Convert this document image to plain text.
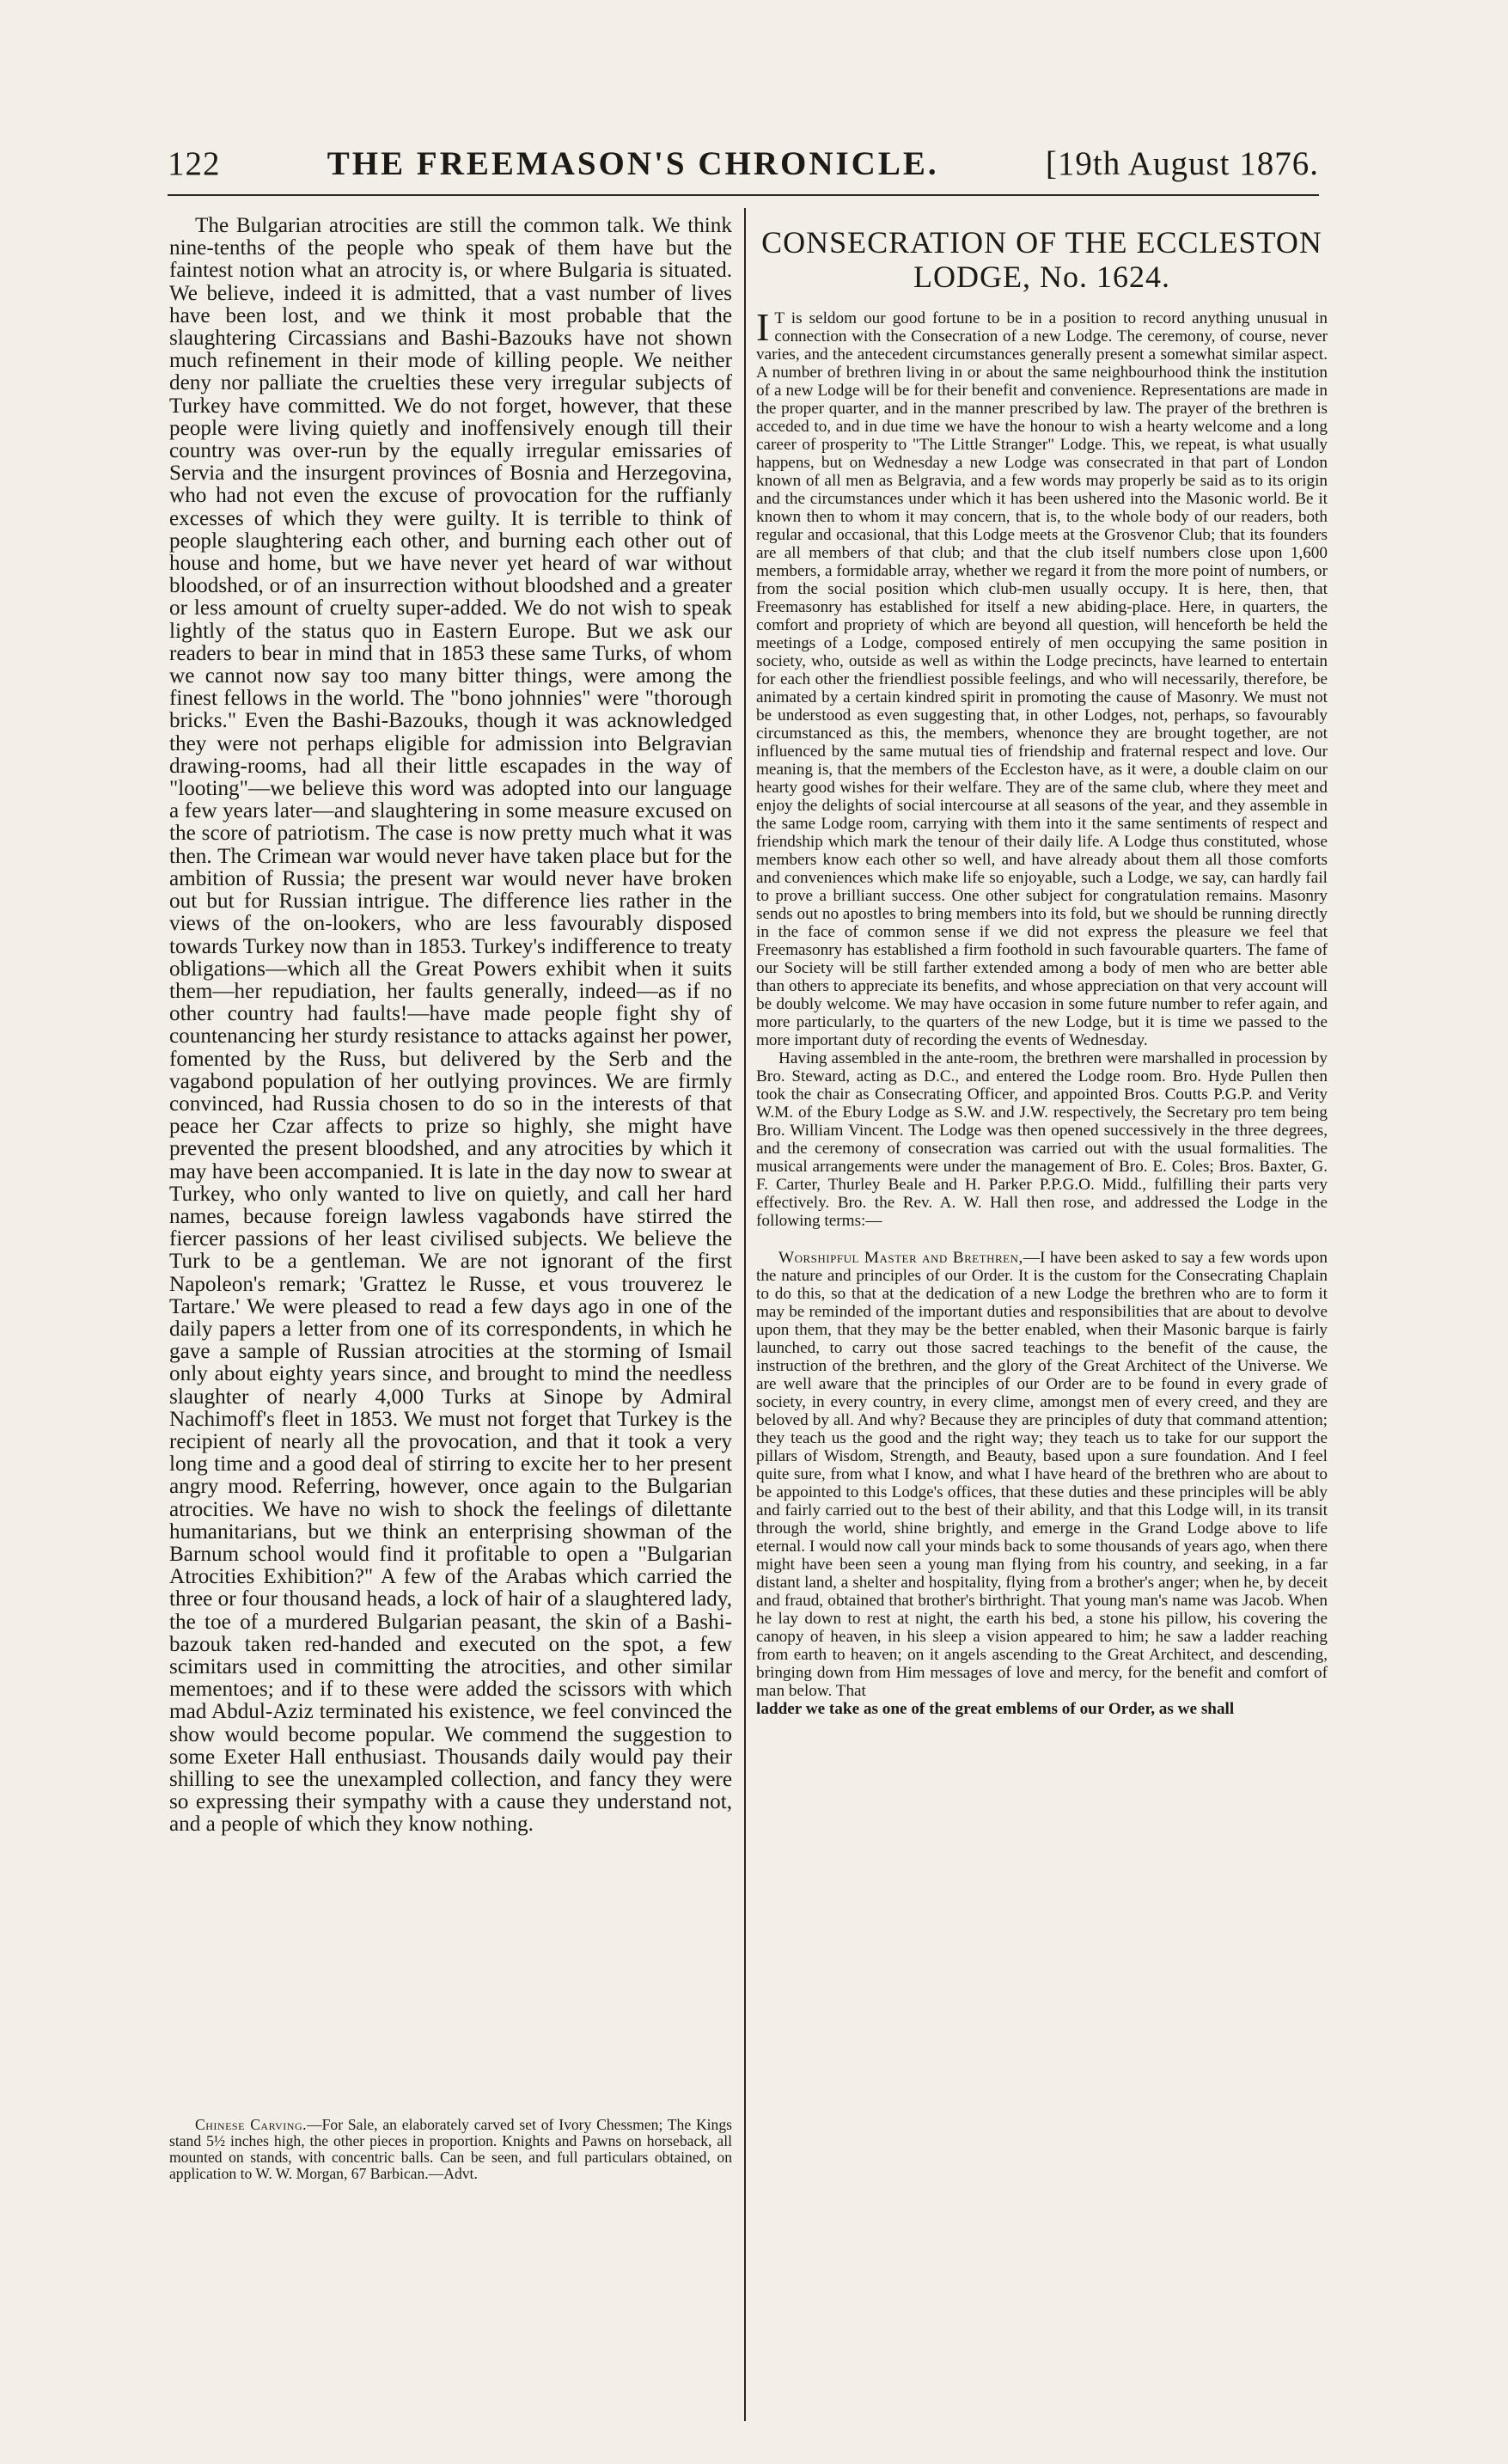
122	THE FREEMASON'S CHRONICLE.	[19th August 1876.

The Bulgarian atrocities are still the common talk. We think nine-tenths of the people who speak of them have but the faintest notion what an atrocity is, or where Bulgaria is situated. We believe, indeed it is admitted, that a vast number of lives have been lost, and we think it most probable that the slaughtering Circassians and Bashi-Bazouks have not shown much refinement in their mode of killing people. We neither deny nor palliate the cruelties these very irregular subjects of Turkey have committed. We do not forget, however, that these people were living quietly and inoffensively enough till their country was over-run by the equally irregular emissaries of Servia and the insurgent provinces of Bosnia and Herzegovina, who had not even the excuse of provocation for the ruffianly excesses of which they were guilty. It is terrible to think of people slaughtering each other, and burning each other out of house and home, but we have never yet heard of war without bloodshed, or of an insurrection without bloodshed and a greater or less amount of cruelty super-added. We do not wish to speak lightly of the status quo in Eastern Europe. But we ask our readers to bear in mind that in 1853 these same Turks, of whom we cannot now say too many bitter things, were among the finest fellows in the world. The "bono johnnies" were "thorough bricks." Even the Bashi-Bazouks, though it was acknowledged they were not perhaps eligible for admission into Belgravian drawing-rooms, had all their little escapades in the way of "looting"—we believe this word was adopted into our language a few years later—and slaughtering in some measure excused on the score of patriotism. The case is now pretty much what it was then. The Crimean war would never have taken place but for the ambition of Russia; the present war would never have broken out but for Russian intrigue. The difference lies rather in the views of the on-lookers, who are less favourably disposed towards Turkey now than in 1853. Turkey's indifference to treaty obligations—which all the Great Powers exhibit when it suits them—her repudiation, her faults generally, indeed—as if no other country had faults!—have made people fight shy of countenancing her sturdy resistance to attacks against her power, fomented by the Russ, but delivered by the Serb and the vagabond population of her outlying provinces. We are firmly convinced, had Russia chosen to do so in the interests of that peace her Czar affects to prize so highly, she might have prevented the present bloodshed, and any atrocities by which it may have been accompanied. It is late in the day now to swear at Turkey, who only wanted to live on quietly, and call her hard names, because foreign lawless vagabonds have stirred the fiercer passions of her least civilised subjects. We believe the Turk to be a gentleman. We are not ignorant of the first Napoleon's remark; 'Grattez le Russe, et vous trouverez le Tartare.' We were pleased to read a few days ago in one of the daily papers a letter from one of its correspondents, in which he gave a sample of Russian atrocities at the storming of Ismail only about eighty years since, and brought to mind the needless slaughter of nearly 4,000 Turks at Sinope by Admiral Nachimoff's fleet in 1853. We must not forget that Turkey is the recipient of nearly all the provocation, and that it took a very long time and a good deal of stirring to excite her to her present angry mood. Referring, however, once again to the Bulgarian atrocities. We have no wish to shock the feelings of dilettante humanitarians, but we think an enterprising showman of the Barnum school would find it profitable to open a "Bulgarian Atrocities Exhibition?" A few of the Arabas which carried the three or four thousand heads, a lock of hair of a slaughtered lady, the toe of a murdered Bulgarian peasant, the skin of a Bashi-bazouk taken red-handed and executed on the spot, a few scimitars used in committing the atrocities, and other similar mementoes; and if to these were added the scissors with which mad Abdul-Aziz terminated his existence, we feel convinced the show would become popular. We commend the suggestion to some Exeter Hall enthusiast. Thousands daily would pay their shilling to see the unexampled collection, and fancy they were so expressing their sympathy with a cause they understand not, and a people of which they know nothing.

Chinese Carving.—For Sale, an elaborately carved set of Ivory Chessmen; The Kings stand 5½ inches high, the other pieces in proportion. Knights and Pawns on horseback, all mounted on stands, with concentric balls. Can be seen, and full particulars obtained, on application to W. W. Morgan, 67 Barbican.—Advt.

CONSECRATION OF THE ECCLESTON LODGE, No. 1624.

I T is seldom our good fortune to be in a position to record anything unusual in connection with the Consecration of a new Lodge. The ceremony, of course, never varies, and the antecedent circumstances generally present a somewhat similar aspect. A number of brethren living in or about the same neighbourhood think the institution of a new Lodge will be for their benefit and convenience. Representations are made in the proper quarter, and in the manner prescribed by law. The prayer of the brethren is acceded to, and in due time we have the honour to wish a hearty welcome and a long career of prosperity to "The Little Stranger" Lodge. This, we repeat, is what usually happens, but on Wednesday a new Lodge was consecrated in that part of London known of all men as Belgravia, and a few words may properly be said as to its origin and the circumstances under which it has been ushered into the Masonic world. Be it known then to whom it may concern, that is, to the whole body of our readers, both regular and occasional, that this Lodge meets at the Grosvenor Club; that its founders are all members of that club; and that the club itself numbers close upon 1,600 members, a formidable array, whether we regard it from the more point of numbers, or from the social position which club-men usually occupy. It is here, then, that Freemasonry has established for itself a new abiding-place. Here, in quarters, the comfort and propriety of which are beyond all question, will henceforth be held the meetings of a Lodge, composed entirely of men occupying the same position in society, who, outside as well as within the Lodge precincts, have learned to entertain for each other the friendliest possible feelings, and who will necessarily, therefore, be animated by a certain kindred spirit in promoting the cause of Masonry. We must not be understood as even suggesting that, in other Lodges, not, perhaps, so favourably circumstanced as this, the members, whenonce they are brought together, are not influenced by the same mutual ties of friendship and fraternal respect and love. Our meaning is, that the members of the Eccleston have, as it were, a double claim on our hearty good wishes for their welfare. They are of the same club, where they meet and enjoy the delights of social intercourse at all seasons of the year, and they assemble in the same Lodge room, carrying with them into it the same sentiments of respect and friendship which mark the tenour of their daily life. A Lodge thus constituted, whose members know each other so well, and have already about them all those comforts and conveniences which make life so enjoyable, such a Lodge, we say, can hardly fail to prove a brilliant success. One other subject for congratulation remains. Masonry sends out no apostles to bring members into its fold, but we should be running directly in the face of common sense if we did not express the pleasure we feel that Freemasonry has established a firm foothold in such favourable quarters. The fame of our Society will be still farther extended among a body of men who are better able than others to appreciate its benefits, and whose appreciation on that very account will be doubly welcome. We may have occasion in some future number to refer again, and more particularly, to the quarters of the new Lodge, but it is time we passed to the more important duty of recording the events of Wednesday.

Having assembled in the ante-room, the brethren were marshalled in procession by Bro. Steward, acting as D.C., and entered the Lodge room. Bro. Hyde Pullen then took the chair as Consecrating Officer, and appointed Bros. Coutts P.G.P. and Verity W.M. of the Ebury Lodge as S.W. and J.W. respectively, the Secretary pro tem being Bro. William Vincent. The Lodge was then opened successively in the three degrees, and the ceremony of consecration was carried out with the usual formalities. The musical arrangements were under the management of Bro. E. Coles; Bros. Baxter, G. F. Carter, Thurley Beale and H. Parker P.P.G.O. Midd., fulfilling their parts very effectively. Bro. the Rev. A. W. Hall then rose, and addressed the Lodge in the following terms:—

Worshipful Master and Brethren,—I have been asked to say a few words upon the nature and principles of our Order. It is the custom for the Consecrating Chaplain to do this, so that at the dedication of a new Lodge the brethren who are to form it may be reminded of the important duties and responsibilities that are about to devolve upon them, that they may be the better enabled, when their Masonic barque is fairly launched, to carry out those sacred teachings to the benefit of the cause, the instruction of the brethren, and the glory of the Great Architect of the Universe. We are well aware that the principles of our Order are to be found in every grade of society, in every country, in every clime, amongst men of every creed, and they are beloved by all. And why? Because they are principles of duty that command attention; they teach us the good and the right way; they teach us to take for our support the pillars of Wisdom, Strength, and Beauty, based upon a sure foundation. And I feel quite sure, from what I know, and what I have heard of the brethren who are about to be appointed to this Lodge's offices, that these duties and these principles will be ably and fairly carried out to the best of their ability, and that this Lodge will, in its transit through the world, shine brightly, and emerge in the Grand Lodge above to life eternal. I would now call your minds back to some thousands of years ago, when there might have been seen a young man flying from his country, and seeking, in a far distant land, a shelter and hospitality, flying from a brother's anger; when he, by deceit and fraud, obtained that brother's birthright. That young man's name was Jacob. When he lay down to rest at night, the earth his bed, a stone his pillow, his covering the canopy of heaven, in his sleep a vision appeared to him; he saw a ladder reaching from earth to heaven; on it angels ascending to the Great Architect, and descending, bringing down from Him messages of love and mercy, for the benefit and comfort of man below. That

ladder we take as one of the great emblems of our Order, as we shall
